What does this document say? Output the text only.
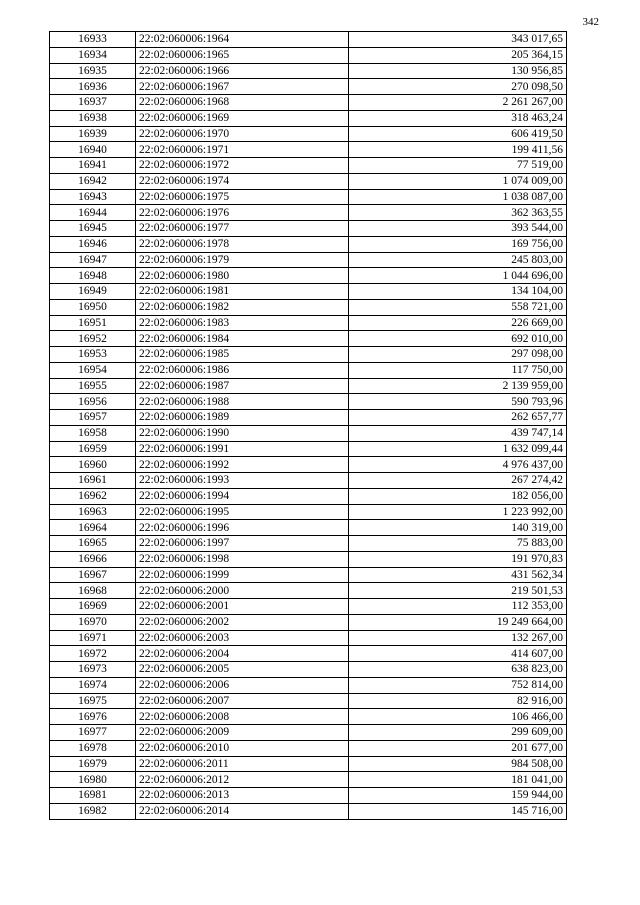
342
16933	22:02:060006:1964	343 017,65
16934	22:02:060006:1965	205 364,15
16935	22:02:060006:1966	130 956,85
16936	22:02:060006:1967	270 098,50
16937	22:02:060006:1968	2 261 267,00
16938	22:02:060006:1969	318 463,24
16939	22:02:060006:1970	606 419,50
16940	22:02:060006:1971	199 411,56
16941	22:02:060006:1972	77 519,00
16942	22:02:060006:1974	1 074 009,00
16943	22:02:060006:1975	1 038 087,00
16944	22:02:060006:1976	362 363,55
16945	22:02:060006:1977	393 544,00
16946	22:02:060006:1978	169 756,00
16947	22:02:060006:1979	245 803,00
16948	22:02:060006:1980	1 044 696,00
16949	22:02:060006:1981	134 104,00
16950	22:02:060006:1982	558 721,00
16951	22:02:060006:1983	226 669,00
16952	22:02:060006:1984	692 010,00
16953	22:02:060006:1985	297 098,00
16954	22:02:060006:1986	117 750,00
16955	22:02:060006:1987	2 139 959,00
16956	22:02:060006:1988	590 793,96
16957	22:02:060006:1989	262 657,77
16958	22:02:060006:1990	439 747,14
16959	22:02:060006:1991	1 632 099,44
16960	22:02:060006:1992	4 976 437,00
16961	22:02:060006:1993	267 274,42
16962	22:02:060006:1994	182 056,00
16963	22:02:060006:1995	1 223 992,00
16964	22:02:060006:1996	140 319,00
16965	22:02:060006:1997	75 883,00
16966	22:02:060006:1998	191 970,83
16967	22:02:060006:1999	431 562,34
16968	22:02:060006:2000	219 501,53
16969	22:02:060006:2001	112 353,00
16970	22:02:060006:2002	19 249 664,00
16971	22:02:060006:2003	132 267,00
16972	22:02:060006:2004	414 607,00
16973	22:02:060006:2005	638 823,00
16974	22:02:060006:2006	752 814,00
16975	22:02:060006:2007	82 916,00
16976	22:02:060006:2008	106 466,00
16977	22:02:060006:2009	299 609,00
16978	22:02:060006:2010	201 677,00
16979	22:02:060006:2011	984 508,00
16980	22:02:060006:2012	181 041,00
16981	22:02:060006:2013	159 944,00
16982	22:02:060006:2014	145 716,00
